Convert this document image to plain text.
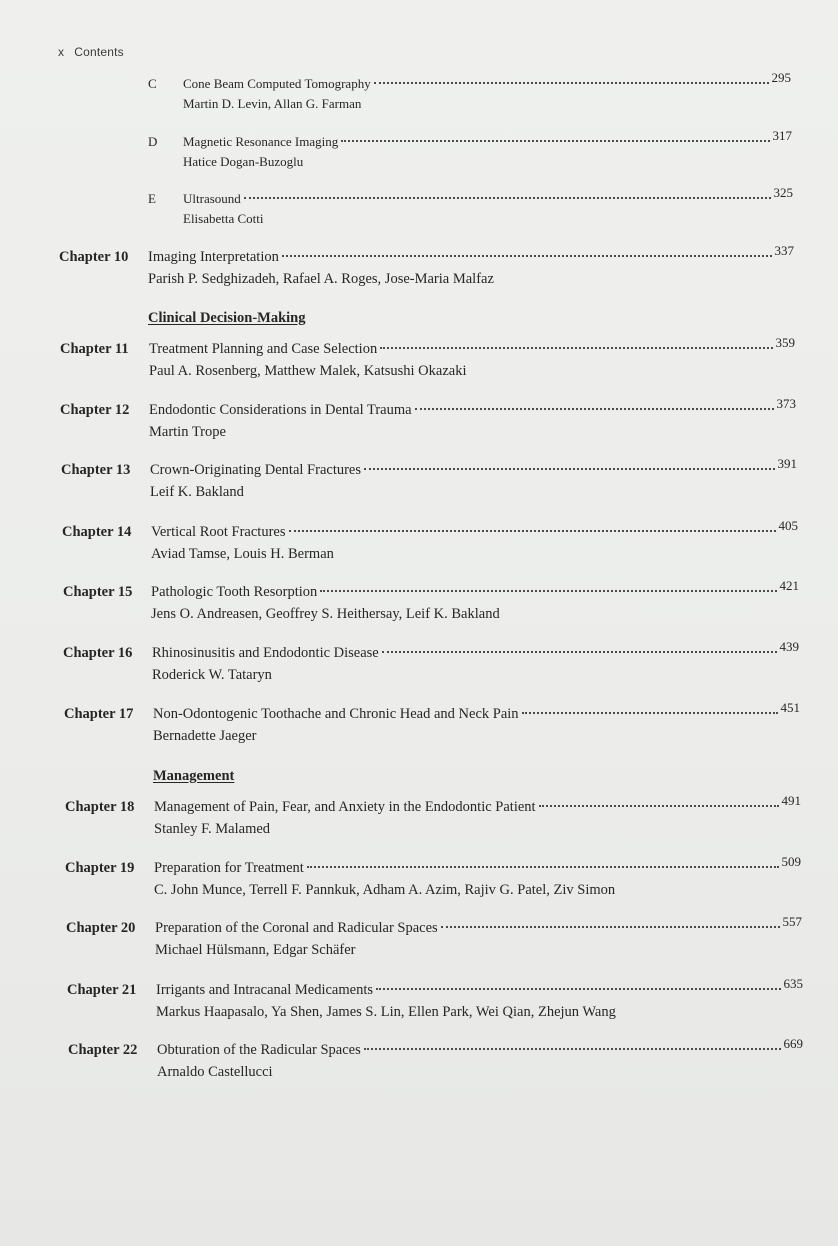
x Contents
C Cone Beam Computed Tomography	295
Martin D. Levin, Allan G. Farman
D Magnetic Resonance Imaging	317
Hatice Dogan-Buzoglu
E Ultrasound	325
Elisabetta Cotti
Chapter 10 Imaging Interpretation	337
Parish P. Sedghizadeh, Rafael A. Roges, Jose-Maria Malfaz
Clinical Decision-Making
Chapter 11 Treatment Planning and Case Selection	359
Paul A. Rosenberg, Matthew Malek, Katsushi Okazaki
Chapter 12 Endodontic Considerations in Dental Trauma	373
Martin Trope
Chapter 13 Crown-Originating Dental Fractures	391
Leif K. Bakland
Chapter 14 Vertical Root Fractures	405
Aviad Tamse, Louis H. Berman
Chapter 15 Pathologic Tooth Resorption	421
Jens O. Andreasen, Geoffrey S. Heithersay, Leif K. Bakland
Chapter 16 Rhinosinusitis and Endodontic Disease	439
Roderick W. Tataryn
Chapter 17 Non-Odontogenic Toothache and Chronic Head and Neck Pain	451
Bernadette Jaeger
Management
Chapter 18 Management of Pain, Fear, and Anxiety in the Endodontic Patient	491
Stanley F. Malamed
Chapter 19 Preparation for Treatment	509
C. John Munce, Terrell F. Pannkuk, Adham A. Azim, Rajiv G. Patel, Ziv Simon
Chapter 20 Preparation of the Coronal and Radicular Spaces	557
Michael Hülsmann, Edgar Schäfer
Chapter 21 Irrigants and Intracanal Medicaments	635
Markus Haapasalo, Ya Shen, James S. Lin, Ellen Park, Wei Qian, Zhejun Wang
Chapter 22 Obturation of the Radicular Spaces	669
Arnaldo Castellucci
